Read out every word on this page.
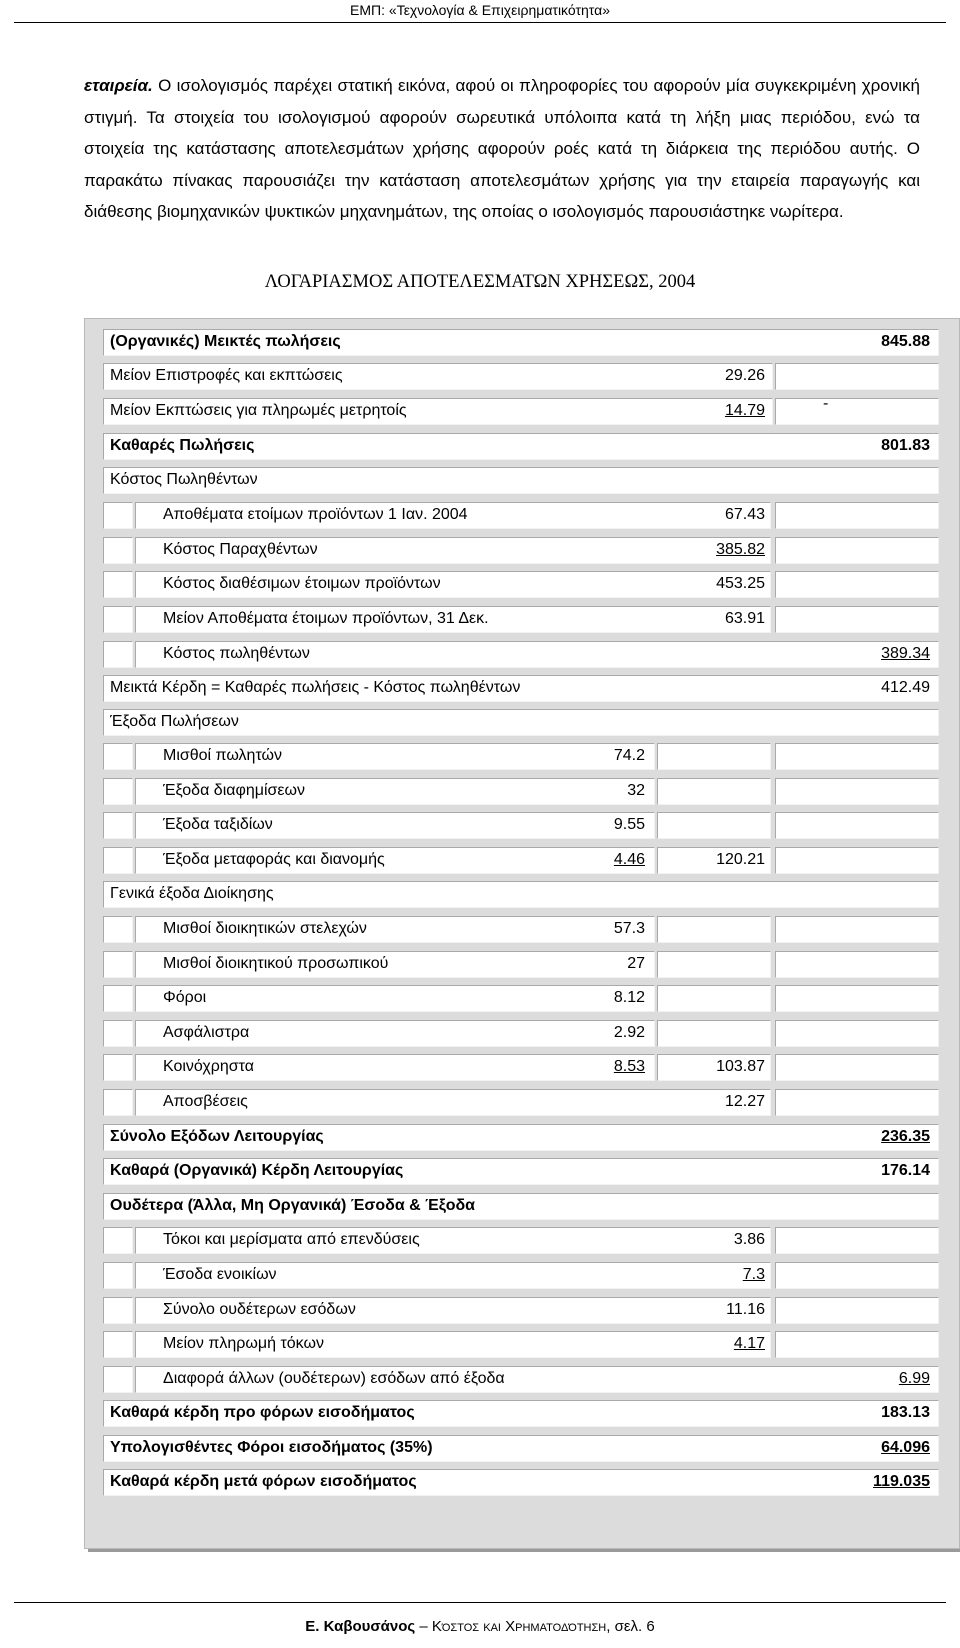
ΕΜΠ: «Τεχνολογία & Επιχειρηματικότητα»
εταιρεία. Ο ισολογισμός παρέχει στατική εικόνα, αφού οι πληροφορίες του αφορούν μία συγκεκριμένη χρονική στιγμή. Τα στοιχεία του ισολογισμού αφορούν σωρευτικά υπόλοιπα κατά τη λήξη μιας περιόδου, ενώ τα στοιχεία της κατάστασης αποτελεσμάτων χρήσης αφορούν ροές κατά τη διάρκεια της περιόδου αυτής. Ο παρακάτω πίνακας παρουσιάζει την κατάσταση αποτελεσμάτων χρήσης για την εταιρεία παραγωγής και διάθεσης βιομηχανικών ψυκτικών μηχανημάτων, της οποίας ο ισολογισμός παρουσιάστηκε νωρίτερα.
ΛΟΓΑΡΙΑΣΜΟΣ ΑΠΟΤΕΛΕΣΜΑΤΩΝ ΧΡΗΣΕΩΣ, 2004
(Οργανικές) Μεικτές πωλήσεις	845.88
Μείον Επιστροφές και εκπτώσεις	29.26
Μείον Εκπτώσεις για πληρωμές μετρητοίς	14.79
Καθαρές Πωλήσεις	801.83
Κόστος Πωληθέντων
Αποθέματα ετοίμων προϊόντων 1 Ιαν. 2004	67.43
Κόστος Παραχθέντων	385.82
Κόστος διαθέσιμων έτοιμων προϊόντων	453.25
Μείον Αποθέματα έτοιμων προϊόντων, 31 Δεκ.	63.91
Κόστος πωληθέντων	389.34
Μεικτά Κέρδη = Καθαρές πωλήσεις - Κόστος πωληθέντων	412.49
Έξοδα Πωλήσεων
Μισθοί πωλητών	74.2
Έξοδα διαφημίσεων	32
Έξοδα ταξιδίων	9.55
Έξοδα μεταφοράς και διανομής	4.46	120.21
Γενικά έξοδα Διοίκησης
Μισθοί διοικητικών στελεχών	57.3
Μισθοί διοικητικού προσωπικού	27
Φόροι	8.12
Ασφάλιστρα	2.92
Κοινόχρηστα	8.53	103.87
Αποσβέσεις	12.27
Σύνολο Εξόδων Λειτουργίας	236.35
Καθαρά (Οργανικά) Κέρδη Λειτουργίας	176.14
Ουδέτερα (Άλλα, Μη Οργανικά) Έσοδα & Έξοδα
Τόκοι και μερίσματα από επενδύσεις	3.86
Έσοδα ενοικίων	7.3
Σύνολο ουδέτερων εσόδων	11.16
Μείον πληρωμή τόκων	4.17
Διαφορά άλλων (ουδέτερων) εσόδων από έξοδα	6.99
Καθαρά κέρδη προ φόρων εισοδήματος	183.13
Υπολογισθέντες Φόροι εισοδήματος (35%)	64.096
Καθαρά κέρδη μετά φόρων εισοδήματος	119.035
-
Ε. Καβουσάνος – Κόστος και Χρηματοδότηση, σελ. 6
